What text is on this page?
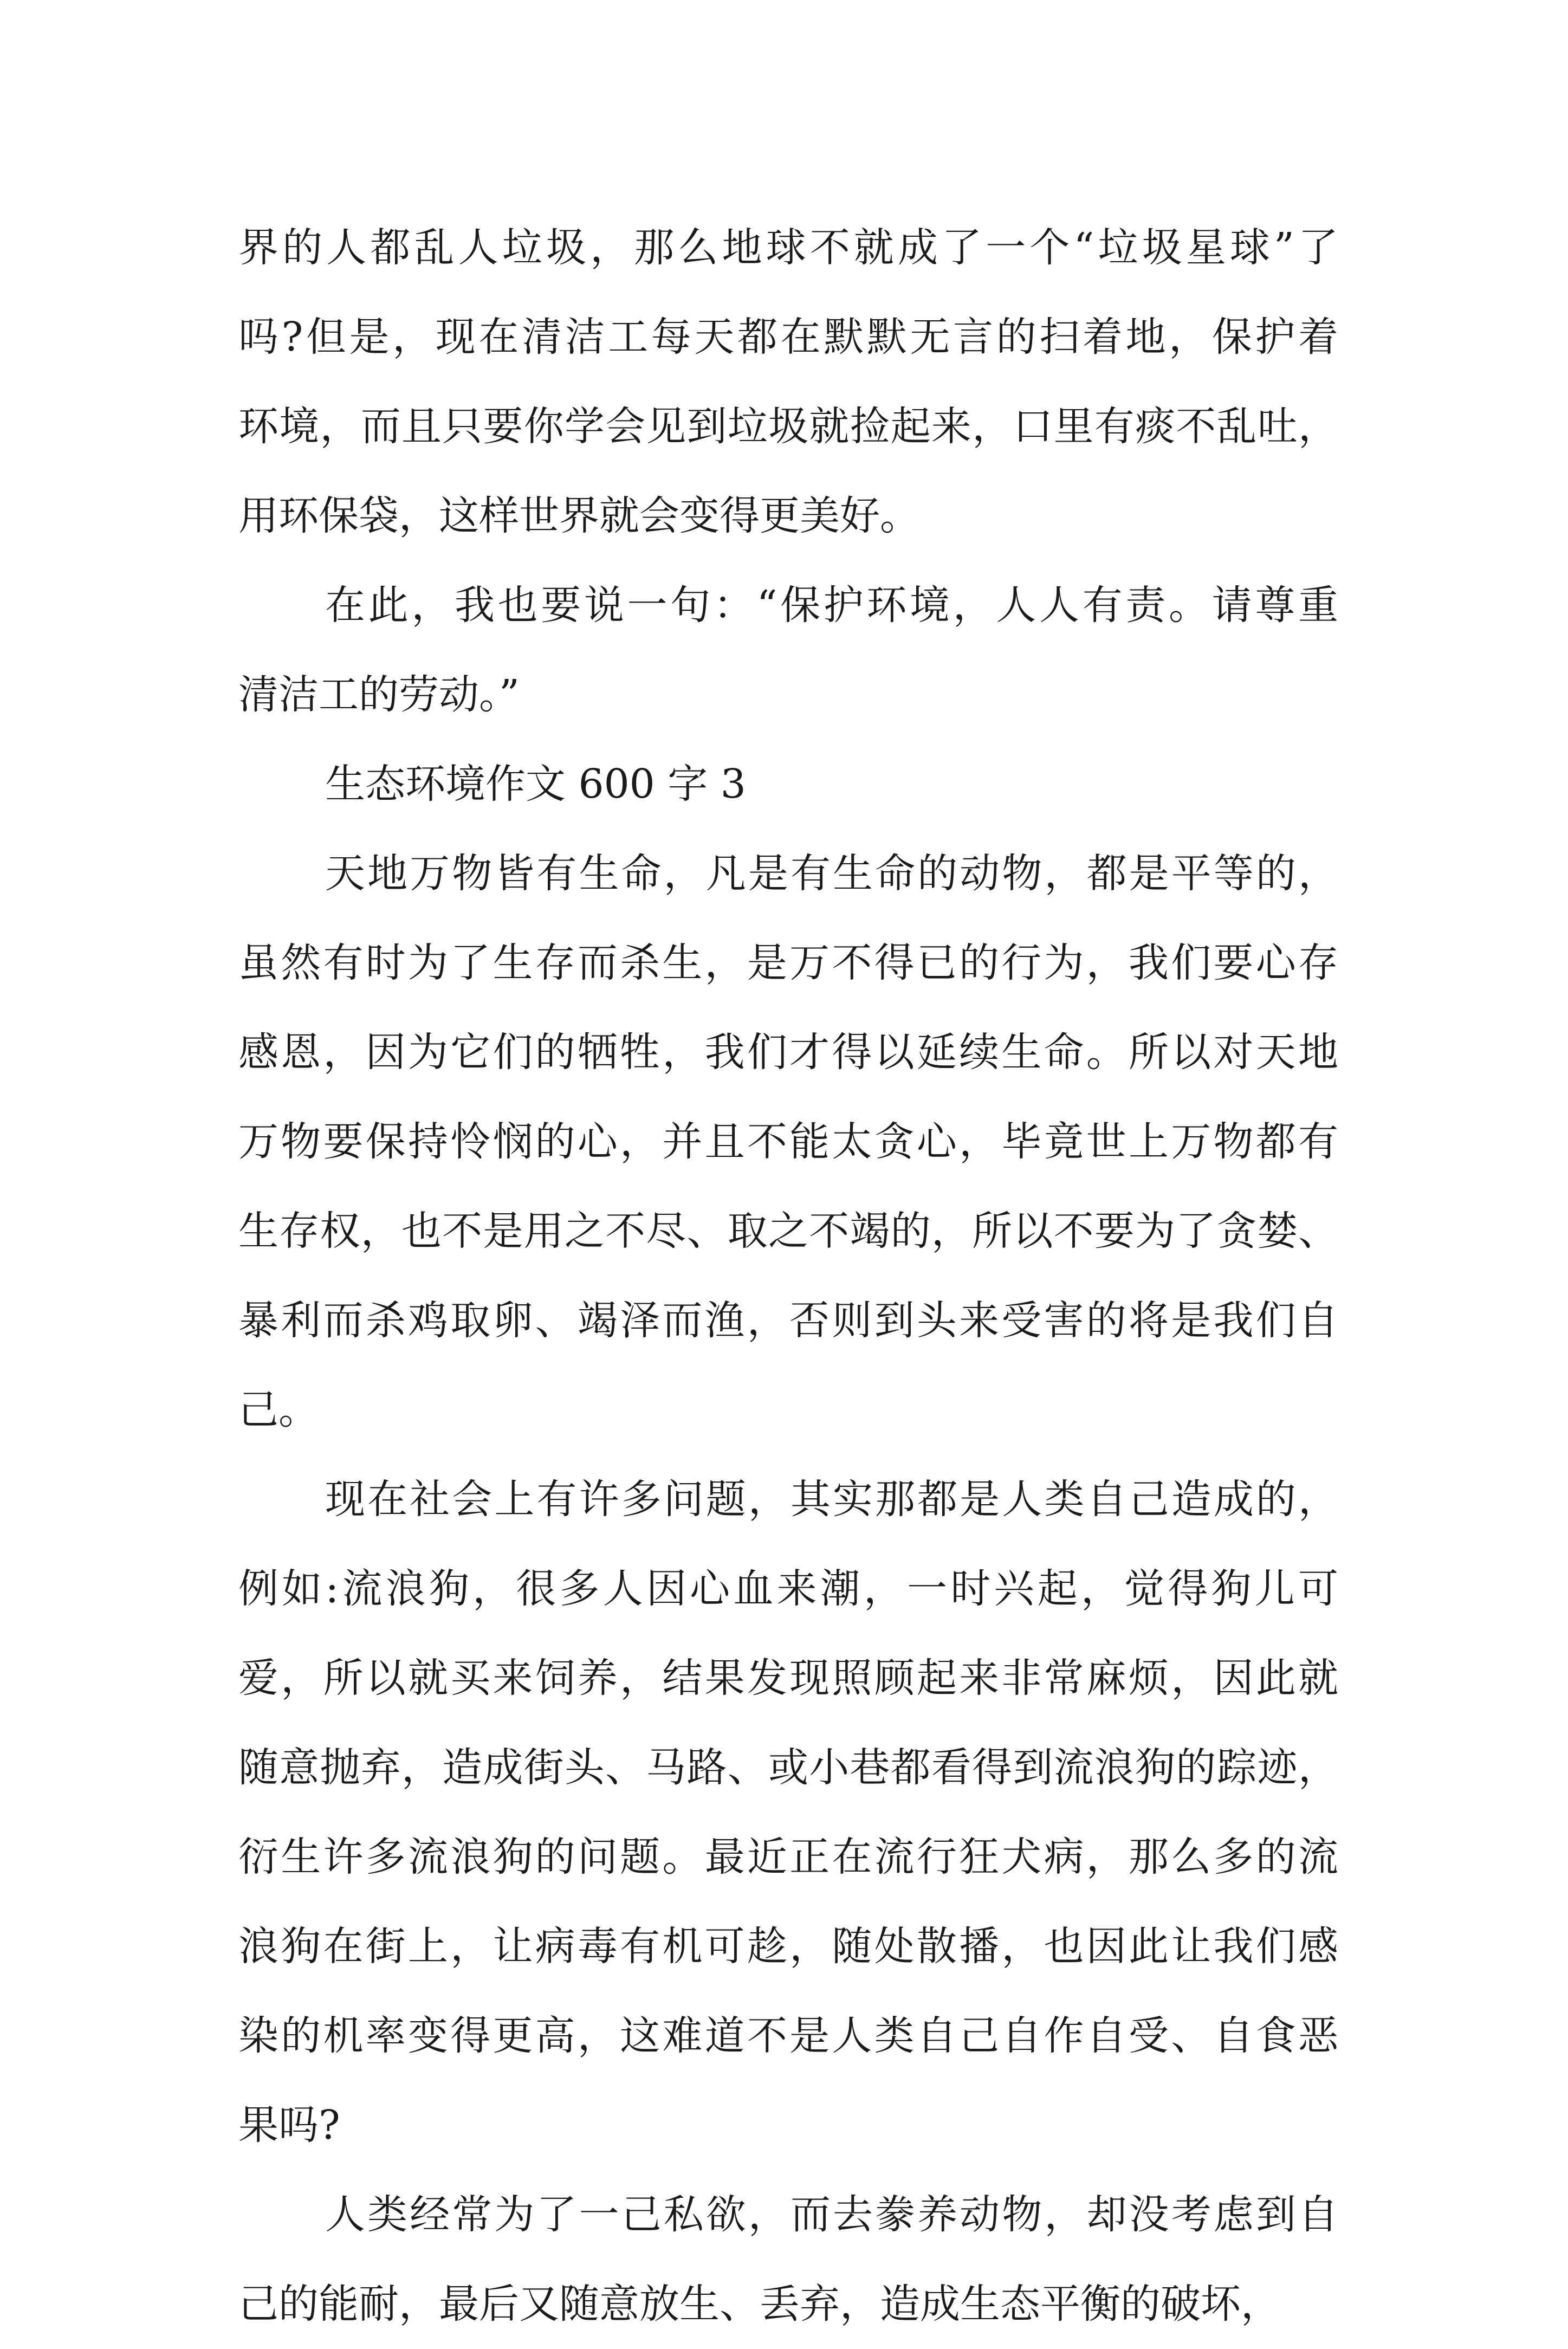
界的人都乱人垃圾，那么地球不就成了一个“垃圾星球”了
吗?但是，现在清洁工每天都在默默无言的扫着地，保护着
环境，而且只要你学会见到垃圾就捡起来，口里有痰不乱吐，
用环保袋，这样世界就会变得更美好。
在此，我也要说一句：“保护环境，人人有责。请尊重
清洁工的劳动。”
生态环境作文 600 字 3
天地万物皆有生命，凡是有生命的动物，都是平等的，
虽然有时为了生存而杀生，是万不得已的行为，我们要心存
感恩，因为它们的牺牲，我们才得以延续生命。所以对天地
万物要保持怜悯的心，并且不能太贪心，毕竟世上万物都有
生存权，也不是用之不尽、取之不竭的，所以不要为了贪婪、
暴利而杀鸡取卵、竭泽而渔，否则到头来受害的将是我们自
己。
现在社会上有许多问题，其实那都是人类自己造成的，
例如:流浪狗，很多人因心血来潮，一时兴起，觉得狗儿可
爱，所以就买来饲养，结果发现照顾起来非常麻烦，因此就
随意抛弃，造成街头、马路、或小巷都看得到流浪狗的踪迹，
衍生许多流浪狗的问题。最近正在流行狂犬病，那么多的流
浪狗在街上，让病毒有机可趁，随处散播，也因此让我们感
染的机率变得更高，这难道不是人类自己自作自受、自食恶
果吗?
人类经常为了一己私欲，而去豢养动物，却没考虑到自
己的能耐，最后又随意放生、丢弃，造成生态平衡的破坏，
